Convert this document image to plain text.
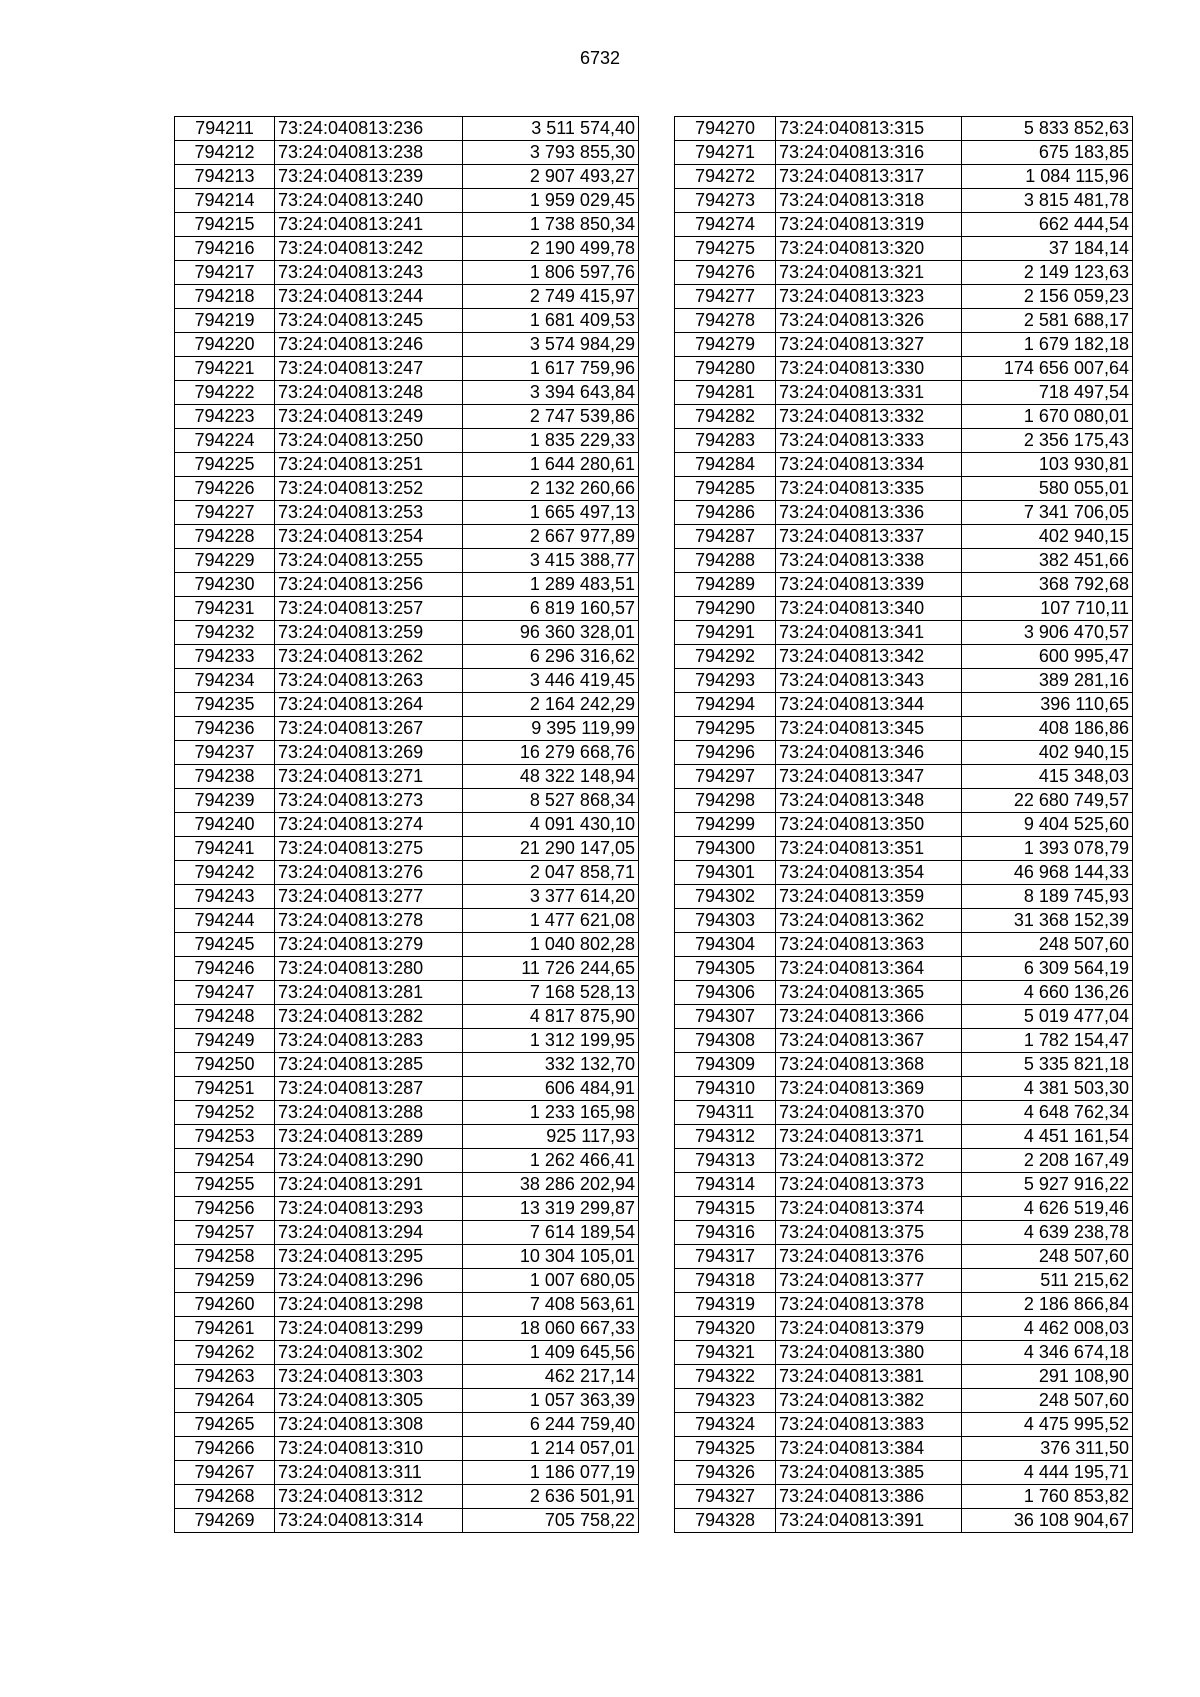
6732
794211	73:24:040813:236	3 511 574,40
794212	73:24:040813:238	3 793 855,30
794213	73:24:040813:239	2 907 493,27
794214	73:24:040813:240	1 959 029,45
794215	73:24:040813:241	1 738 850,34
794216	73:24:040813:242	2 190 499,78
794217	73:24:040813:243	1 806 597,76
794218	73:24:040813:244	2 749 415,97
794219	73:24:040813:245	1 681 409,53
794220	73:24:040813:246	3 574 984,29
794221	73:24:040813:247	1 617 759,96
794222	73:24:040813:248	3 394 643,84
794223	73:24:040813:249	2 747 539,86
794224	73:24:040813:250	1 835 229,33
794225	73:24:040813:251	1 644 280,61
794226	73:24:040813:252	2 132 260,66
794227	73:24:040813:253	1 665 497,13
794228	73:24:040813:254	2 667 977,89
794229	73:24:040813:255	3 415 388,77
794230	73:24:040813:256	1 289 483,51
794231	73:24:040813:257	6 819 160,57
794232	73:24:040813:259	96 360 328,01
794233	73:24:040813:262	6 296 316,62
794234	73:24:040813:263	3 446 419,45
794235	73:24:040813:264	2 164 242,29
794236	73:24:040813:267	9 395 119,99
794237	73:24:040813:269	16 279 668,76
794238	73:24:040813:271	48 322 148,94
794239	73:24:040813:273	8 527 868,34
794240	73:24:040813:274	4 091 430,10
794241	73:24:040813:275	21 290 147,05
794242	73:24:040813:276	2 047 858,71
794243	73:24:040813:277	3 377 614,20
794244	73:24:040813:278	1 477 621,08
794245	73:24:040813:279	1 040 802,28
794246	73:24:040813:280	11 726 244,65
794247	73:24:040813:281	7 168 528,13
794248	73:24:040813:282	4 817 875,90
794249	73:24:040813:283	1 312 199,95
794250	73:24:040813:285	332 132,70
794251	73:24:040813:287	606 484,91
794252	73:24:040813:288	1 233 165,98
794253	73:24:040813:289	925 117,93
794254	73:24:040813:290	1 262 466,41
794255	73:24:040813:291	38 286 202,94
794256	73:24:040813:293	13 319 299,87
794257	73:24:040813:294	7 614 189,54
794258	73:24:040813:295	10 304 105,01
794259	73:24:040813:296	1 007 680,05
794260	73:24:040813:298	7 408 563,61
794261	73:24:040813:299	18 060 667,33
794262	73:24:040813:302	1 409 645,56
794263	73:24:040813:303	462 217,14
794264	73:24:040813:305	1 057 363,39
794265	73:24:040813:308	6 244 759,40
794266	73:24:040813:310	1 214 057,01
794267	73:24:040813:311	1 186 077,19
794268	73:24:040813:312	2 636 501,91
794269	73:24:040813:314	705 758,22
794270	73:24:040813:315	5 833 852,63
794271	73:24:040813:316	675 183,85
794272	73:24:040813:317	1 084 115,96
794273	73:24:040813:318	3 815 481,78
794274	73:24:040813:319	662 444,54
794275	73:24:040813:320	37 184,14
794276	73:24:040813:321	2 149 123,63
794277	73:24:040813:323	2 156 059,23
794278	73:24:040813:326	2 581 688,17
794279	73:24:040813:327	1 679 182,18
794280	73:24:040813:330	174 656 007,64
794281	73:24:040813:331	718 497,54
794282	73:24:040813:332	1 670 080,01
794283	73:24:040813:333	2 356 175,43
794284	73:24:040813:334	103 930,81
794285	73:24:040813:335	580 055,01
794286	73:24:040813:336	7 341 706,05
794287	73:24:040813:337	402 940,15
794288	73:24:040813:338	382 451,66
794289	73:24:040813:339	368 792,68
794290	73:24:040813:340	107 710,11
794291	73:24:040813:341	3 906 470,57
794292	73:24:040813:342	600 995,47
794293	73:24:040813:343	389 281,16
794294	73:24:040813:344	396 110,65
794295	73:24:040813:345	408 186,86
794296	73:24:040813:346	402 940,15
794297	73:24:040813:347	415 348,03
794298	73:24:040813:348	22 680 749,57
794299	73:24:040813:350	9 404 525,60
794300	73:24:040813:351	1 393 078,79
794301	73:24:040813:354	46 968 144,33
794302	73:24:040813:359	8 189 745,93
794303	73:24:040813:362	31 368 152,39
794304	73:24:040813:363	248 507,60
794305	73:24:040813:364	6 309 564,19
794306	73:24:040813:365	4 660 136,26
794307	73:24:040813:366	5 019 477,04
794308	73:24:040813:367	1 782 154,47
794309	73:24:040813:368	5 335 821,18
794310	73:24:040813:369	4 381 503,30
794311	73:24:040813:370	4 648 762,34
794312	73:24:040813:371	4 451 161,54
794313	73:24:040813:372	2 208 167,49
794314	73:24:040813:373	5 927 916,22
794315	73:24:040813:374	4 626 519,46
794316	73:24:040813:375	4 639 238,78
794317	73:24:040813:376	248 507,60
794318	73:24:040813:377	511 215,62
794319	73:24:040813:378	2 186 866,84
794320	73:24:040813:379	4 462 008,03
794321	73:24:040813:380	4 346 674,18
794322	73:24:040813:381	291 108,90
794323	73:24:040813:382	248 507,60
794324	73:24:040813:383	4 475 995,52
794325	73:24:040813:384	376 311,50
794326	73:24:040813:385	4 444 195,71
794327	73:24:040813:386	1 760 853,82
794328	73:24:040813:391	36 108 904,67
